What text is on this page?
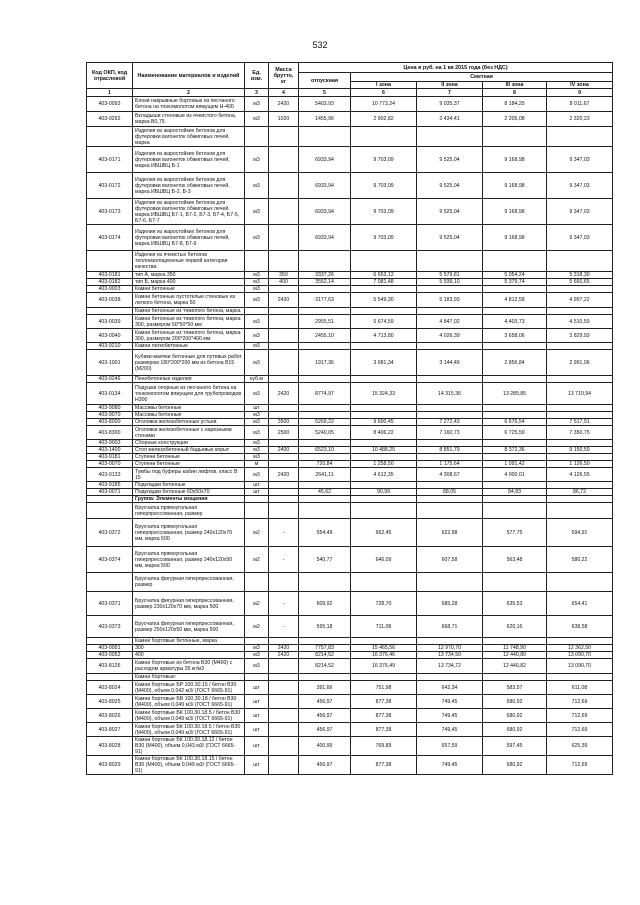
532
Код ОКП, код отраслевой	Наименование материалов и изделий	Ед. изм.	Масса брутто, кг	Цена в руб. на 1 кв 2015 года (без НДС)				
				отпускная	Сметная			
					I зона	II зона	III зона	IV зона
1	2	3	4	5	6	7	8	9
403-0093	Блоки накрывные бортовые из песчаного бетона на тонкомолотом вяжущем Н-400	м3	2420	5403,93	10 773,24	9 035,37	8 184,25	8 011,67
403-0292	Вкладыши стеновые из ячеистого бетона, марка В0,75	м3	1020	1455,96	2 902,82	2 434,41	2 205,08	2 320,23
	Изделия из жаростойких бетонов для футеровки вагонеток обжиговых печей, марка							
403-0171	Изделия из жаростойких бетонов для футеровки вагонеток обжиговых печей, марка ИБШВЦ Б-1	м3		6933,94	9 703,09	9 525,04	9 168,98	9 347,03
403-0172	Изделия из жаростойких бетонов для футеровки вагонеток обжиговых печей, марка ИБШВЦ Б-2, Б-3	м3		6933,94	9 703,09	9 525,04	9 168,98	9 347,03
403-0173	Изделия из жаростойких бетонов для футеровки вагонеток обжиговых печей, марка ИБШВЦ Б7-1, Б7-2, Б7-3, Б7-4, Б7-5, Б7-6, Б7-7	м3		6933,94	9 703,09	9 525,04	9 168,98	9 347,03
403-0174	Изделия из жаростойких бетонов для футеровки вагонеток обжиговых печей, марка ИБШВЦ Б7-8, Б7-9	м3		6933,94	9 703,09	9 525,04	9 168,98	9 347,03
	Изделия из ячеистых бетонов теплоизоляционные первой категории качества:							
403-0181	тип А, марка 350	м3	350	3337,26	6 653,12	5 579,81	5 054,24	5 318,30
403-0182	тип Б, марка 400	м3	400	3552,14	7 081,48	5 939,10	5 379,74	5 660,65
403-9003	Камни бетонные	м3						
403-0038	Камни бетонные пустотелые стеновые из легкого бетона, марка 50	м3	2420	3177,63	5 549,30	5 183,93	4 812,58	4 997,22
	Камни бетонные из тяжелого бетона, марка							
403-0039	Камни бетонные из тяжелого бетона, марка 300, размером 50*50*50 мм	м3		2955,51	5 674,59	4 847,02	4 403,73	4 510,59
403-0040	Камни бетонные из тяжелого бетона, марка 300, размером 200*200*400 мм	м3		2455,10	4 713,80	4 026,39	3 658,06	3 829,93
403-9210	Камни легкобетонные	м3						
403-1001	Кубики-маячки бетонные для путевых работ размером 180*200*200 мм из бетона В15 (М200)	м3		1917,36	3 681,34	3 144,49	2 856,84	2 991,06
403-9246	Пенобетонные изделия	куб.м						
403-0134	Подушки опорные из песчаного бетона на тонкомолотом вяжущем для трубопроводов Н300	м3	2420	8774,97	15 324,33	14 315,36	13 289,85	13 710,94
403-9080	Массивы бетонные	шт						
403-9070	Массивы бетонные	м3						
403-8000	Оголовки железобетонные устьев	м3	3500	5269,22	9 600,45	7 272,43	6 676,54	7 517,91
403-8300	Оголовки железобетонные с нарезными стенами	м3	2500	5240,05	8 406,22	7 160,73	6 725,59	7 350,75
403-9003	Сборные конструкции	м3						
403-1400	Стол железобетонный бадьевых корыт	м3	2400	6523,10	10 488,25	8 851,79	8 372,36	9 150,59
403-9181	Ступени бетонные	м3						
403-0070	Ступени бетонные	м		720,84	1 258,50	1 175,64	1 091,42	1 126,50
403-0133	Тумбы под буферы кабин лифтов, класс В 15	м3	2420	2641,11	4 612,35	4 308,67	4 000,01	4 126,55
403-9185	Подкладки бетонные	шт						
403-0071	Подкладки бетонные 60х50х70	шт		45,62	90,99	88,05	84,83	86,72
	Группа: Элементы мощения							
	Брусчатка прямоугольная гиперпрессованная, размер							
403-0372	Брусчатка прямоугольная гиперпрессованная, размер 240х120х70 мм, марка 500	м2	-	554,49	662,45	622,98	577,75	594,91
403-0374	Брусчатка прямоугольная гиперпрессованная, размер 240х120х50 мм, марка 500	м2	-	540,77	646,09	607,58	563,48	580,22
	Брусчатка фигурная гиперпрессованная, размер							
403-0371	Брусчатка фигурная гиперпрессованная, размер 230х120х70 мм, марка 500	м2	-	609,92	728,70	685,28	635,53	654,41
403-0373	Брусчатка фигурная гиперпрессованная, размер 250х120х50 мм, марка 500	м2	-	595,18	711,08	668,71	620,16	638,58
	Камни бортовые бетонные, марка							
403-0051	300	м3	2420	7757,83	15 465,56	12 970,70	11 748,90	12 362,50
403-0052	400	м3	2420	8214,52	16 376,46	13 734,50	12 440,80	13 090,70
403-8126	Камни бортовые из бетона В30 (М400) с расходом арматуры 35 кг/м3	м3		8214,52	16 376,49	13 734,72	12 440,82	13 090,70
	Камни бортовые:							
403-8024	Камни бортовые БР 100.30.15 / бетон В30 (М400), объем 0,042 м3/ (ГОСТ 6665-91)	шт		391,66	751,98	642,34	583,57	611,08
403-8025	Камни бортовые БВ 100.30.18 / бетон В30 (М400), объем 0,049 м3/ (ГОСТ 6665-91)	шт		456,97	877,38	749,45	680,92	712,69
403-8026	Камни бортовые БК 100.30.18.5 / бетон В30 (М400), объем 0,049 м3/ (ГОСТ 6665-91)	шт		456,97	877,38	749,45	680,92	712,69
403-8027	Камни бортовые БК 100.30.18.5 / бетон В30 (М400), объем 0,049 м3/ (ГОСТ 6665-91)	шт		456,97	877,38	749,45	680,92	712,69
403-8028	Камни бортовые БК 100.30.18.12 / бетон В30 (М400), объем 0,043 м3/ (ГОСТ 6665-91)	шт		400,99	769,89	657,59	597,45	625,39
403-8029	Камни бортовые БК 100.30.18.15 / бетон В30 (М400), объем 0,049 м3/ (ГОСТ 6665-91)	шт		456,97	877,38	749,45	680,92	712,69
